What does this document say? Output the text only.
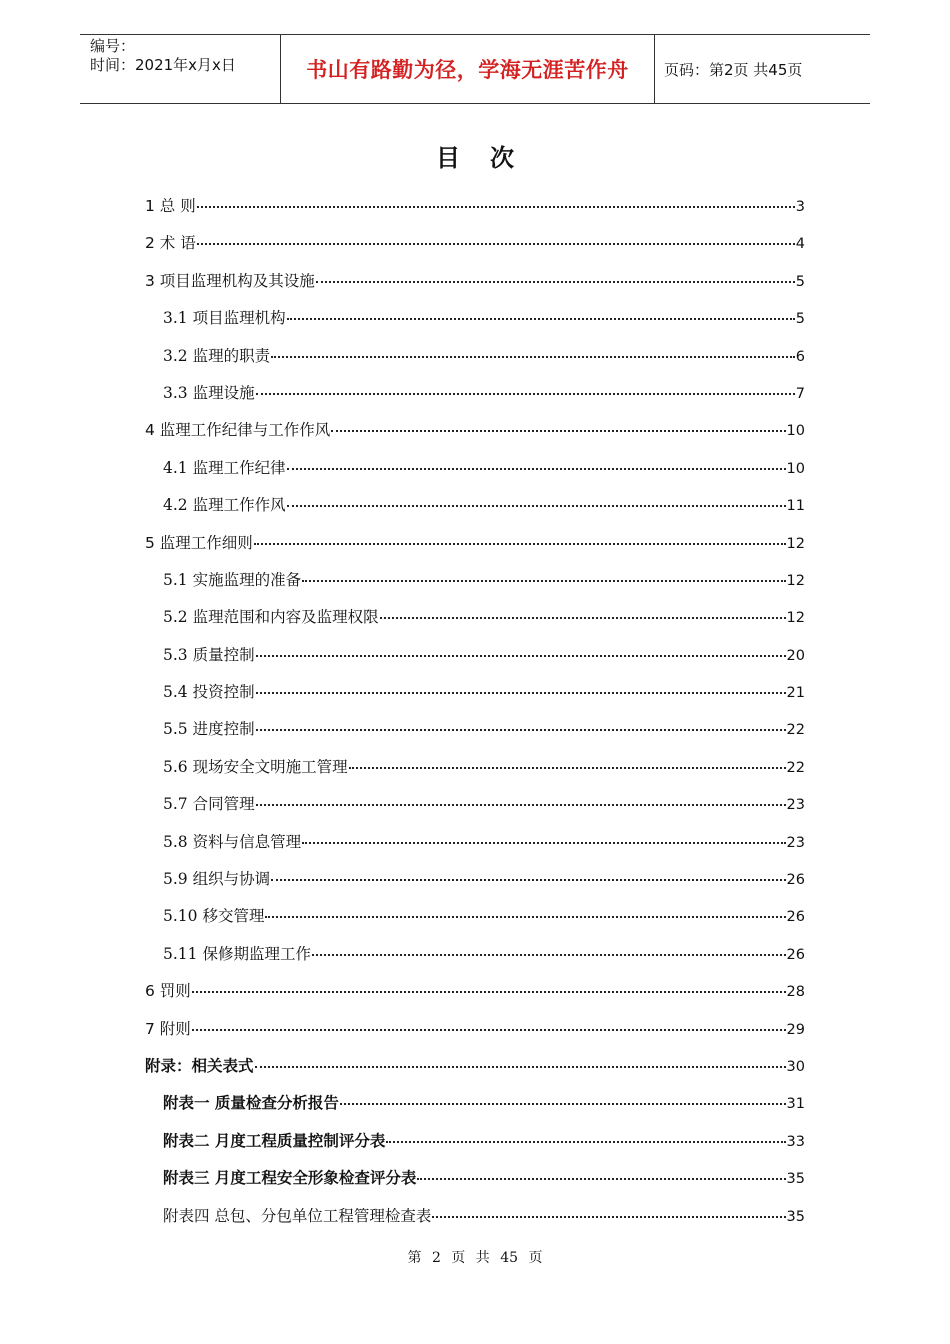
编号：
时间：2021年x月x日	书山有路勤为径，学海无涯苦作舟	页码：第2页 共45页
目次
1 总 则	3
2 术 语	4
3 项目监理机构及其设施	5
3.1 项目监理机构	5
3.2 监理的职责	6
3.3 监理设施	7
4 监理工作纪律与工作作风	10
4.1 监理工作纪律	10
4.2 监理工作作风	11
5 监理工作细则	12
5.1 实施监理的准备	12
5.2 监理范围和内容及监理权限	12
5.3 质量控制	20
5.4 投资控制	21
5.5 进度控制	22
5.6 现场安全文明施工管理	22
5.7 合同管理	23
5.8 资料与信息管理	23
5.9 组织与协调	26
5.10 移交管理	26
5.11 保修期监理工作	26
6 罚则	28
7 附则	29
附录：相关表式	30
附表一 质量检查分析报告	31
附表二 月度工程质量控制评分表	33
附表三 月度工程安全形象检查评分表	35
附表四 总包、分包单位工程管理检查表	35
第 2 页 共 45 页
